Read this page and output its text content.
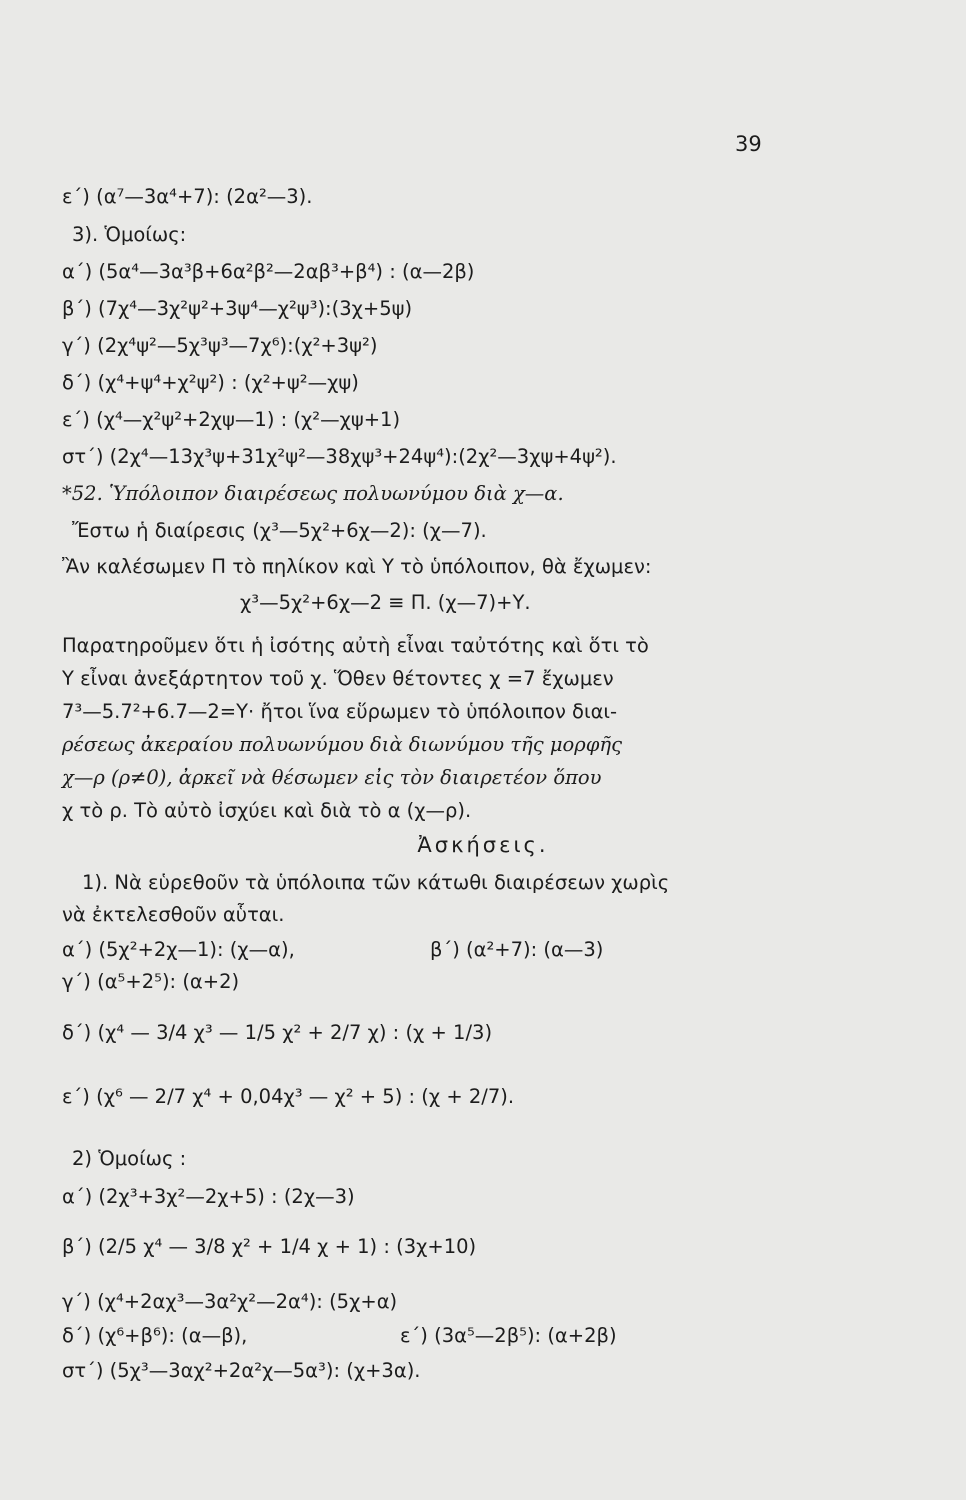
39
ε΄) (α⁷—3α⁴+7): (2α²—3).
3). Ὁμοίως:
α΄) (5α⁴—3α³β+6α²β²—2αβ³+β⁴) : (α—2β)
β΄) (7χ⁴—3χ²ψ²+3ψ⁴—χ²ψ³):(3χ+5ψ)
γ΄) (2χ⁴ψ²—5χ³ψ³—7χ⁶):(χ²+3ψ²)
δ΄) (χ⁴+ψ⁴+χ²ψ²) : (χ²+ψ²—χψ)
ε΄) (χ⁴—χ²ψ²+2χψ—1) : (χ²—χψ+1)
στ΄) (2χ⁴—13χ³ψ+31χ²ψ²—38χψ³+24ψ⁴):(2χ²—3χψ+4ψ²).
*52. Ὑπόλοιπον διαιρέσεως πολυωνύμου διὰ χ—α.
Ἔστω ἡ διαίρεσις (χ³—5χ²+6χ—2): (χ—7).
Ἂν καλέσωμεν Π τὸ πηλίκον καὶ Υ τὸ ὑπόλοιπον, θὰ ἔχωμεν:
χ³—5χ²+6χ—2 ≡ Π. (χ—7)+Υ.
Παρατηροῦμεν ὅτι ἡ ἰσότης αὐτὴ εἶναι ταὐτότης καὶ ὅτι τὸ
Υ εἶναι ἀνεξάρτητον τοῦ χ. Ὅθεν θέτοντες χ =7 ἔχωμεν
7³—5.7²+6.7—2=Υ· ἤτοι ἵνα εὕρωμεν τὸ ὑπόλοιπον διαι-
ρέσεως ἀκεραίου πολυωνύμου διὰ διωνύμου τῆς μορφῆς
χ—ρ (ρ≠0), ἀρκεῖ νὰ θέσωμεν εἰς τὸν διαιρετέον ὅπου
χ τὸ ρ. Τὸ αὐτὸ ἰσχύει καὶ διὰ τὸ α (χ—ρ).
Ἀσκήσεις.
1). Νὰ εὑρεθοῦν τὰ ὑπόλοιπα τῶν κάτωθι διαιρέσεων χωρὶς
νὰ ἐκτελεσθοῦν αὗται.
α΄) (5χ²+2χ—1): (χ—α),	β΄) (α²+7): (α—3)
γ΄) (α⁵+2⁵): (α+2)
δ΄) (χ⁴ — 3/4 χ³ — 1/5 χ² + 2/7 χ) : (χ + 1/3)
ε΄) (χ⁶ — 2/7 χ⁴ + 0,04χ³ — χ² + 5) : (χ + 2/7).
2) Ὁμοίως :
α΄) (2χ³+3χ²—2χ+5) : (2χ—3)
β΄) (2/5 χ⁴ — 3/8 χ² + 1/4 χ + 1) : (3χ+10)
γ΄) (χ⁴+2αχ³—3α²χ²—2α⁴): (5χ+α)
δ΄) (χ⁶+β⁶): (α—β),	ε΄) (3α⁵—2β⁵): (α+2β)
στ΄) (5χ³—3αχ²+2α²χ—5α³): (χ+3α).
